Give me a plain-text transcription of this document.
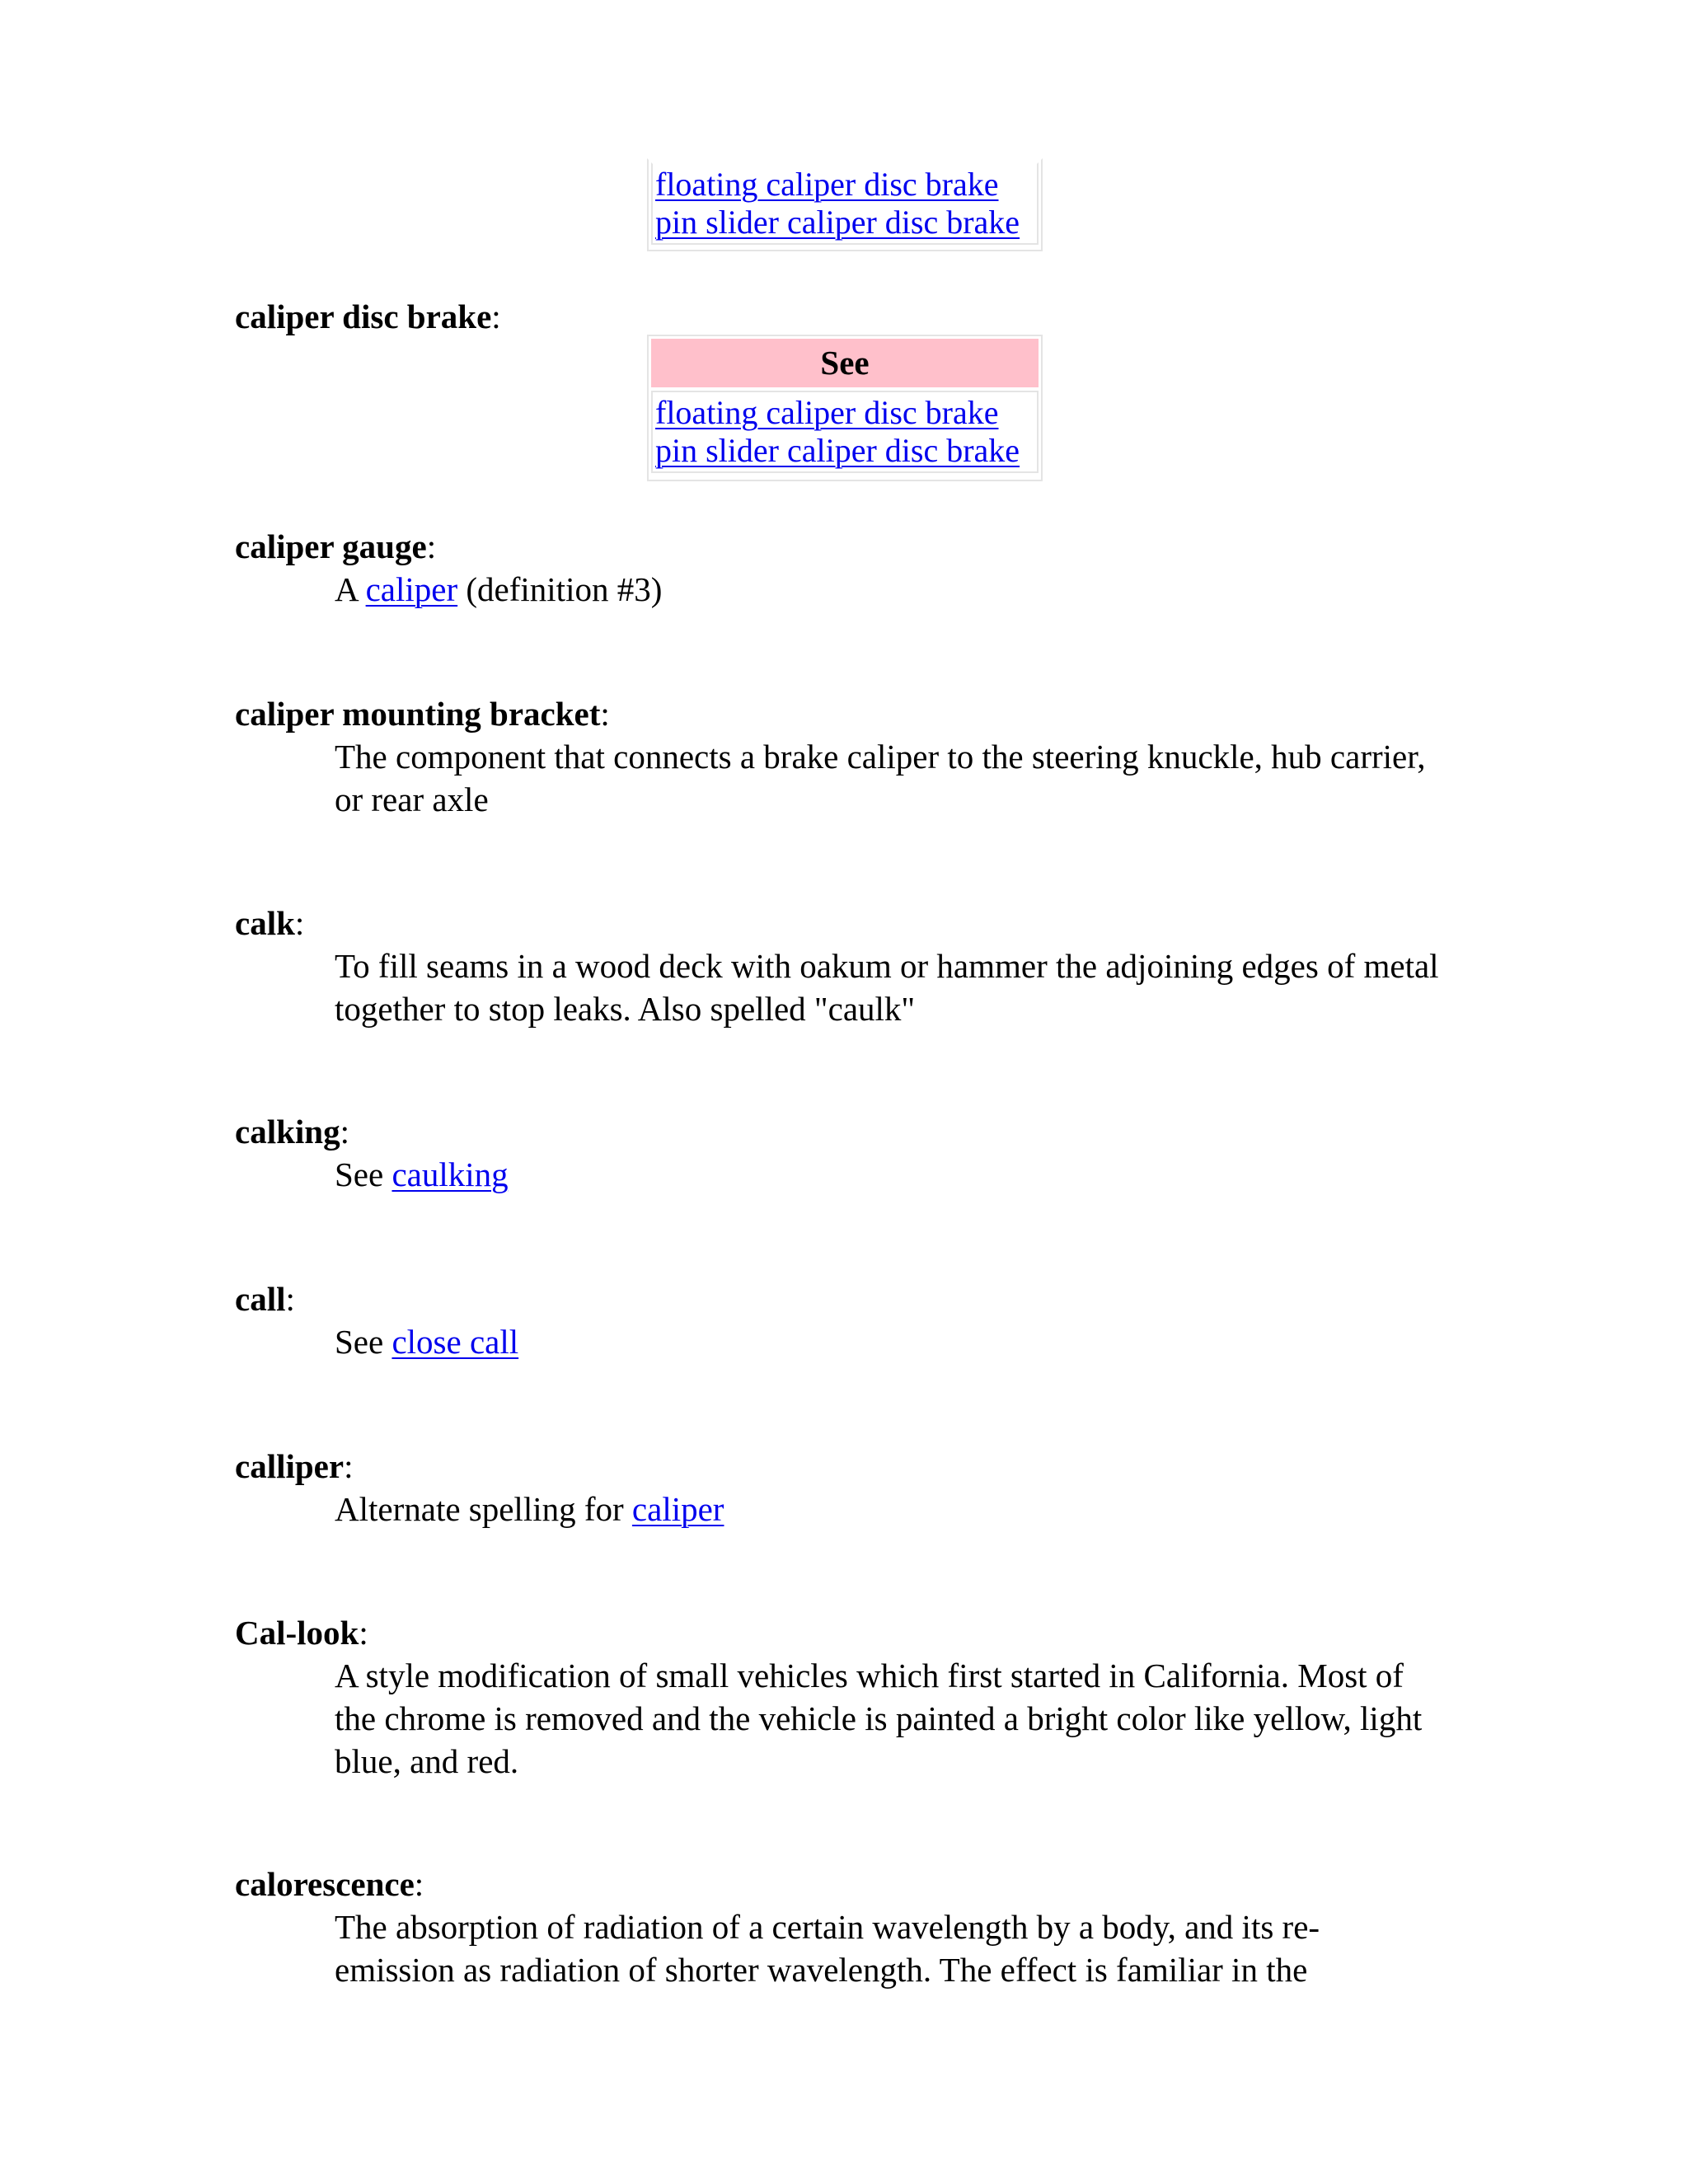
floating caliper disc brake
pin slider caliper disc brake
caliper disc brake:
See
floating caliper disc brake
pin slider caliper disc brake
caliper gauge:
A caliper (definition #3)
caliper mounting bracket:
The component that connects a brake caliper to the steering knuckle, hub carrier, or rear axle
calk:
To fill seams in a wood deck with oakum or hammer the adjoining edges of metal together to stop leaks. Also spelled "caulk"
calking:
See caulking
call:
See close call
calliper:
Alternate spelling for caliper
Cal-look:
A style modification of small vehicles which first started in California. Most of the chrome is removed and the vehicle is painted a bright color like yellow, light blue, and red.
calorescence:
The absorption of radiation of a certain wavelength by a body, and its re-emission as radiation of shorter wavelength. The effect is familiar in the
